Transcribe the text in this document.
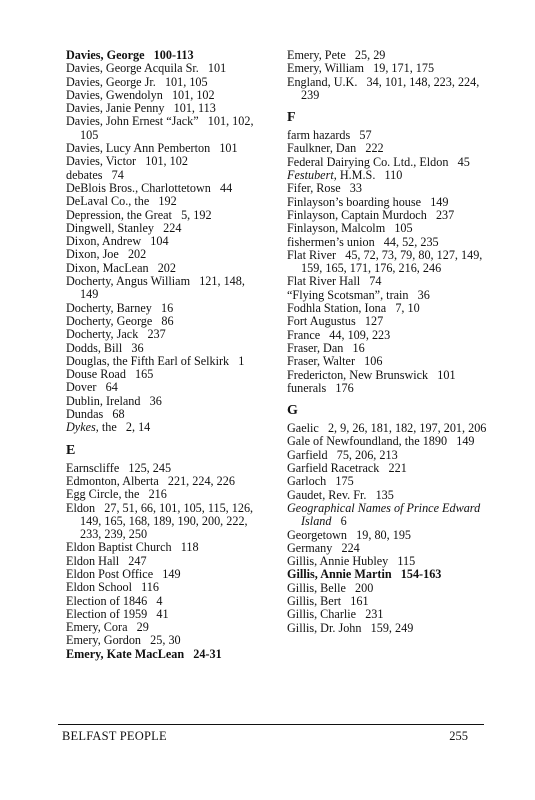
Davies, George   100-113
Davies, George Acquila Sr.   101
Davies, George Jr.   101, 105
Davies, Gwendolyn   101, 102
Davies, Janie Penny   101, 113
Davies, John Ernest “Jack”   101, 102, 105
Davies, Lucy Ann Pemberton   101
Davies, Victor   101, 102
debates   74
DeBlois Bros., Charlottetown   44
DeLaval Co., the   192
Depression, the Great   5, 192
Dingwell, Stanley   224
Dixon, Andrew   104
Dixon, Joe   202
Dixon, MacLean   202
Docherty, Angus William   121, 148, 149
Docherty, Barney   16
Docherty, George   86
Docherty, Jack   237
Dodds, Bill   36
Douglas, the Fifth Earl of Selkirk   1
Douse Road   165
Dover   64
Dublin, Ireland   36
Dundas   68
Dykes, the   2, 14
E
Earnscliffe   125, 245
Edmonton, Alberta   221, 224, 226
Egg Circle, the   216
Eldon   27, 51, 66, 101, 105, 115, 126, 149, 165, 168, 189, 190, 200, 222, 233, 239, 250
Eldon Baptist Church   118
Eldon Hall   247
Eldon Post Office   149
Eldon School   116
Election of 1846   4
Election of 1959   41
Emery, Cora   29
Emery, Gordon   25, 30
Emery, Kate MacLean   24-31
Emery, Pete   25, 29
Emery, William   19, 171, 175
England, U.K.   34, 101, 148, 223, 224, 239
F
farm hazards   57
Faulkner, Dan   222
Federal Dairying Co. Ltd., Eldon   45
Festubert, H.M.S.   110
Fifer, Rose   33
Finlayson’s boarding house   149
Finlayson, Captain Murdoch   237
Finlayson, Malcolm   105
fishermen’s union   44, 52, 235
Flat River   45, 72, 73, 79, 80, 127, 149, 159, 165, 171, 176, 216, 246
Flat River Hall   74
“Flying Scotsman”, train   36
Fodhla Station, Iona   7, 10
Fort Augustus   127
France   44, 109, 223
Fraser, Dan   16
Fraser, Walter   106
Fredericton, New Brunswick   101
funerals   176
G
Gaelic   2, 9, 26, 181, 182, 197, 201, 206
Gale of Newfoundland, the 1890   149
Garfield   75, 206, 213
Garfield Racetrack   221
Garloch   175
Gaudet, Rev. Fr.   135
Geographical Names of Prince Edward Island   6
Georgetown   19, 80, 195
Germany   224
Gillis, Annie Hubley   115
Gillis, Annie Martin   154-163
Gillis, Belle   200
Gillis, Bert   161
Gillis, Charlie   231
Gillis, Dr. John   159, 249
BELFAST PEOPLE	255
